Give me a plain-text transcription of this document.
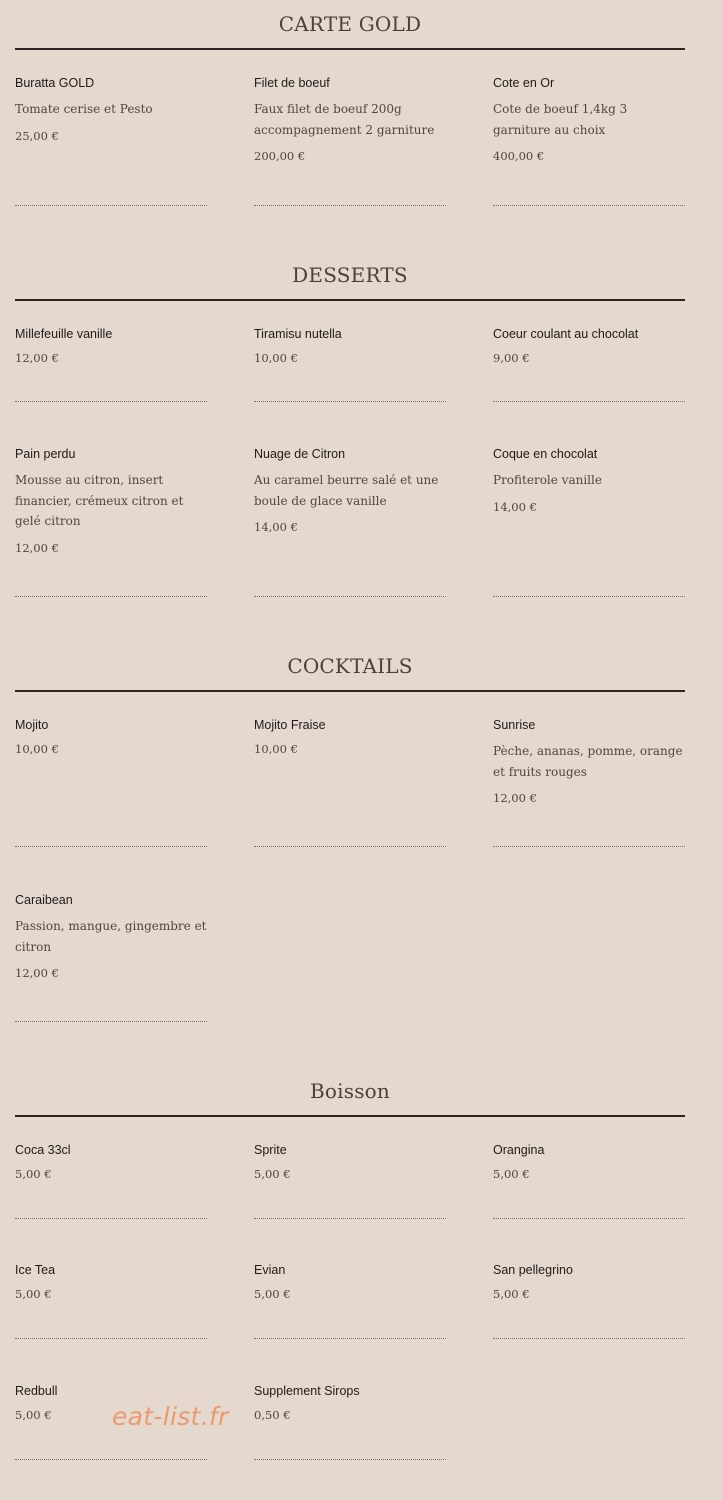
CARTE GOLD
Buratta GOLD
Tomate cerise et Pesto
25,00 €
Filet de boeuf
Faux filet de boeuf 200g accompagnement 2 garniture
200,00 €
Cote en Or
Cote de boeuf 1,4kg 3 garniture au choix
400,00 €
DESSERTS
Millefeuille vanille
12,00 €
Tiramisu nutella
10,00 €
Coeur coulant au chocolat
9,00 €
Pain perdu
Mousse au citron, insert financier, crémeux citron et gelé citron
12,00 €
Nuage de Citron
Au caramel beurre salé et une boule de glace vanille
14,00 €
Coque en chocolat
Profiterole vanille
14,00 €
COCKTAILS
Mojito
10,00 €
Mojito Fraise
10,00 €
Sunrise
Pèche, ananas, pomme, orange et fruits rouges
12,00 €
Caraibean
Passion, mangue, gingembre et citron
12,00 €
Boisson
Coca 33cl
5,00 €
Sprite
5,00 €
Orangina
5,00 €
Ice Tea
5,00 €
Evian
5,00 €
San pellegrino
5,00 €
Redbull
5,00 €
Supplement Sirops
0,50 €
eat-list.fr
